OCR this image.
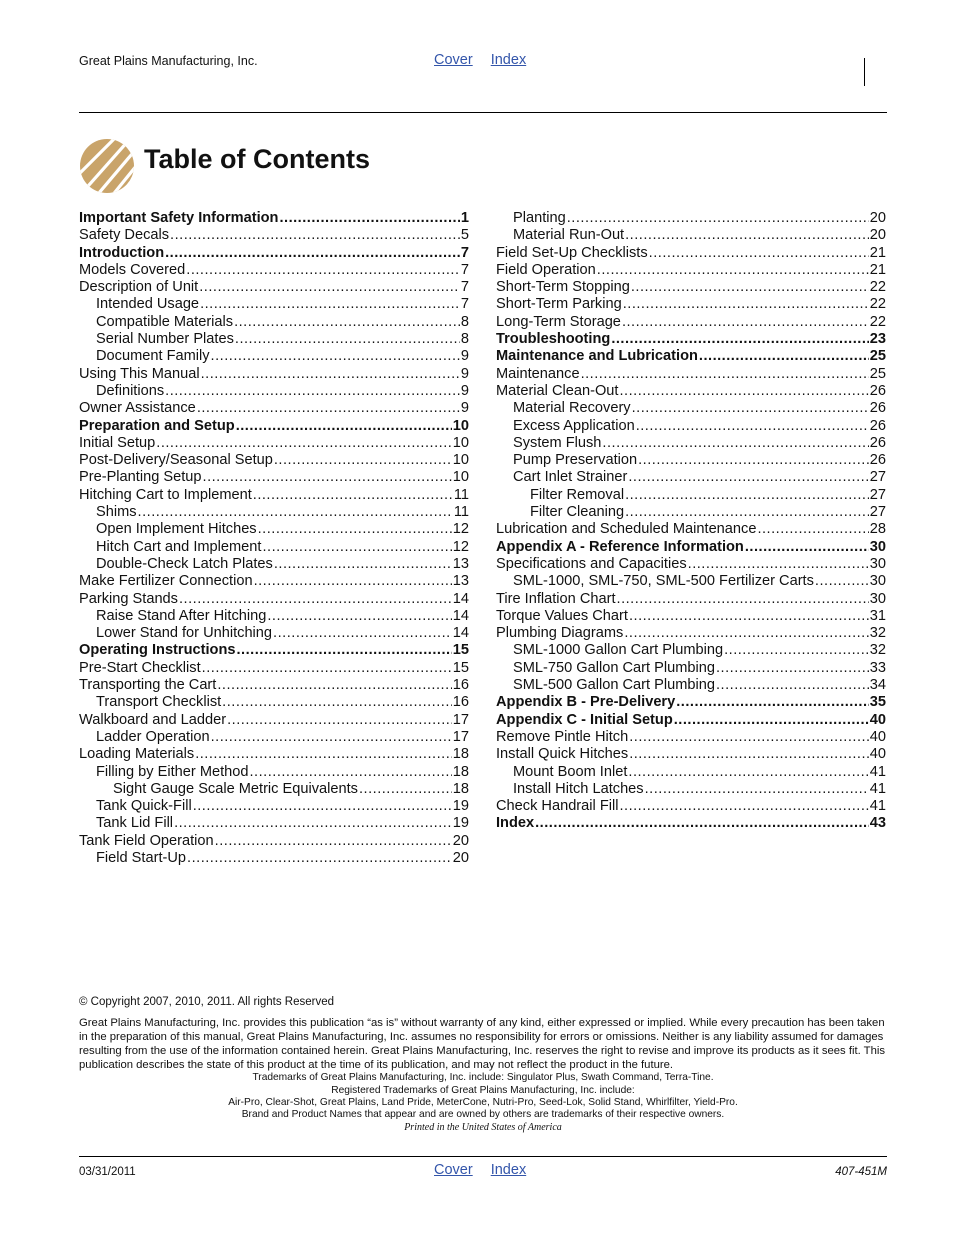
Great Plains Manufacturing, Inc.	Cover Index
Table of Contents
Important Safety Information .....	1
Safety Decals .....	5
Introduction .....	7
Models Covered .....	7
Description of Unit .....	7
Intended Usage .....	7
Compatible Materials .....	8
Serial Number Plates .....	8
Document Family .....	9
Using This Manual .....	9
Definitions .....	9
Owner Assistance .....	9
Preparation and Setup .....	10
Initial Setup .....	10
Post-Delivery/Seasonal Setup .....	10
Pre-Planting Setup .....	10
Hitching Cart to Implement .....	11
Shims .....	11
Open Implement Hitches .....	12
Hitch Cart and Implement .....	12
Double-Check Latch Plates .....	13
Make Fertilizer Connection .....	13
Parking Stands .....	14
Raise Stand After Hitching .....	14
Lower Stand for Unhitching .....	14
Operating Instructions .....	15
Pre-Start Checklist .....	15
Transporting the Cart .....	16
Transport Checklist .....	16
Walkboard and Ladder .....	17
Ladder Operation .....	17
Loading Materials .....	18
Filling by Either Method .....	18
Sight Gauge Scale Metric Equivalents .....	18
Tank Quick-Fill .....	19
Tank Lid Fill .....	19
Tank Field Operation .....	20
Field Start-Up .....	20
Planting .....	20
Material Run-Out .....	20
Field Set-Up Checklists .....	21
Field Operation .....	21
Short-Term Stopping .....	22
Short-Term Parking .....	22
Long-Term Storage .....	22
Troubleshooting .....	23
Maintenance and Lubrication .....	25
Maintenance .....	25
Material Clean-Out .....	26
Material Recovery .....	26
Excess Application .....	26
System Flush .....	26
Pump Preservation .....	26
Cart Inlet Strainer .....	27
Filter Removal .....	27
Filter Cleaning .....	27
Lubrication and Scheduled Maintenance .....	28
Appendix A - Reference Information .....	30
Specifications and Capacities .....	30
SML-1000, SML-750, SML-500 Fertilizer Carts .....	30
Tire Inflation Chart .....	30
Torque Values Chart .....	31
Plumbing Diagrams .....	32
SML-1000 Gallon Cart Plumbing .....	32
SML-750 Gallon Cart Plumbing .....	33
SML-500 Gallon Cart Plumbing .....	34
Appendix B - Pre-Delivery .....	35
Appendix C - Initial Setup .....	40
Remove Pintle Hitch .....	40
Install Quick Hitches .....	40
Mount Boom Inlet .....	41
Install Hitch Latches .....	41
Check Handrail Fill .....	41
Index .....	43
© Copyright 2007, 2010, 2011. All rights Reserved

Great Plains Manufacturing, Inc. provides this publication “as is” without warranty of any kind, either expressed or implied. While every precaution has been taken in the preparation of this manual, Great Plains Manufacturing, Inc. assumes no responsibility for errors or omissions. Neither is any liability assumed for damages resulting from the use of the information contained herein. Great Plains Manufacturing, Inc. reserves the right to revise and improve its products as it sees fit. This publication describes the state of this product at the time of its publication, and may not reflect the product in the future.

Trademarks of Great Plains Manufacturing, Inc. include: Singulator Plus, Swath Command, Terra-Tine.
Registered Trademarks of Great Plains Manufacturing, Inc. include:
Air-Pro, Clear-Shot, Great Plains, Land Pride, MeterCone, Nutri-Pro, Seed-Lok, Solid Stand, Whirlfilter, Yield-Pro.
Brand and Product Names that appear and are owned by others are trademarks of their respective owners.
Printed in the United States of America
03/31/2011	Cover Index	407-451M
